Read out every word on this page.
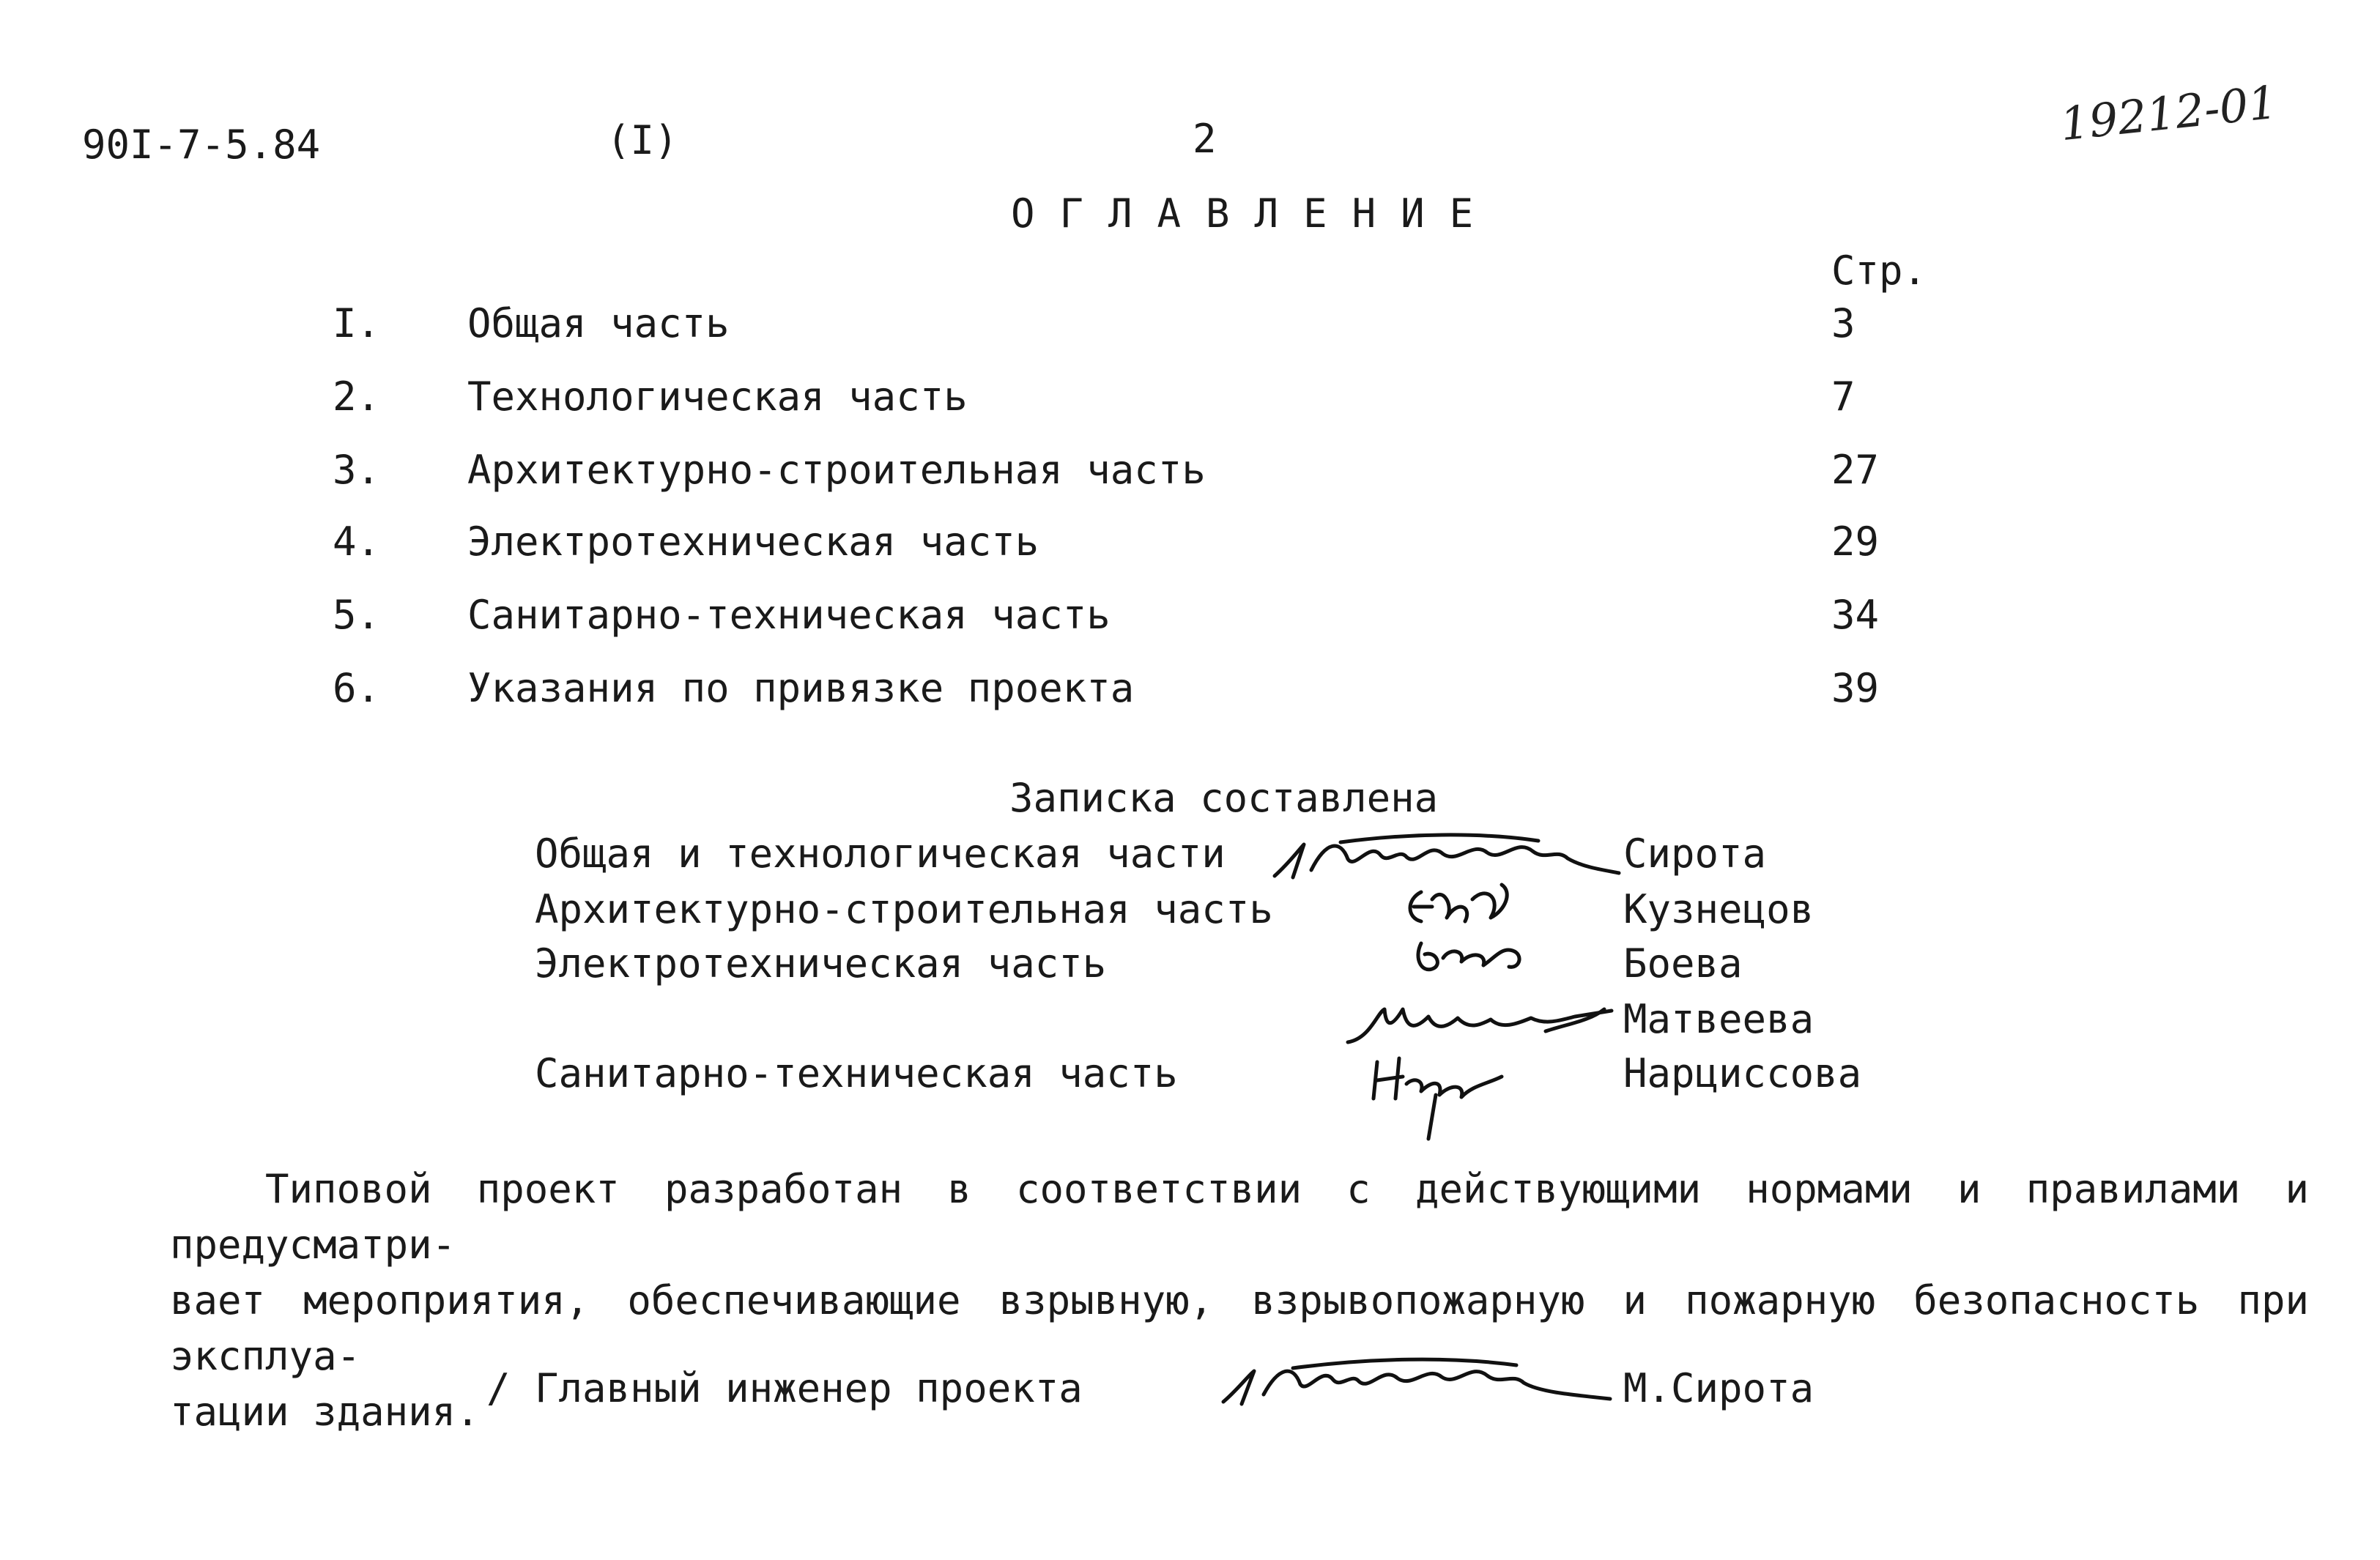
90I-7-5.84	(I)	2	19212-01
ОГЛАВЛЕНИЕ
Стр.
I. Общая часть	3
2. Технологическая часть	7
3. Архитектурно-строительная часть	27
4. Электротехническая часть	29
5. Санитарно-техническая часть	34
6. Указания по привязке проекта	39
Записка составлена
Общая и технологическая части	Сирота
Архитектурно-строительная часть	Кузнецов
Электротехническая часть	Боева
Матвеева
Санитарно-техническая часть	Нарциссова
Типовой проект разработан в соответствии с действующими нормами и правилами и предусматри-
вает мероприятия, обеспечивающие взрывную, взрывопожарную и пожарную безопасность при эксплуа-
тации здания.
/ Главный инженер проекта	М.Сирота
